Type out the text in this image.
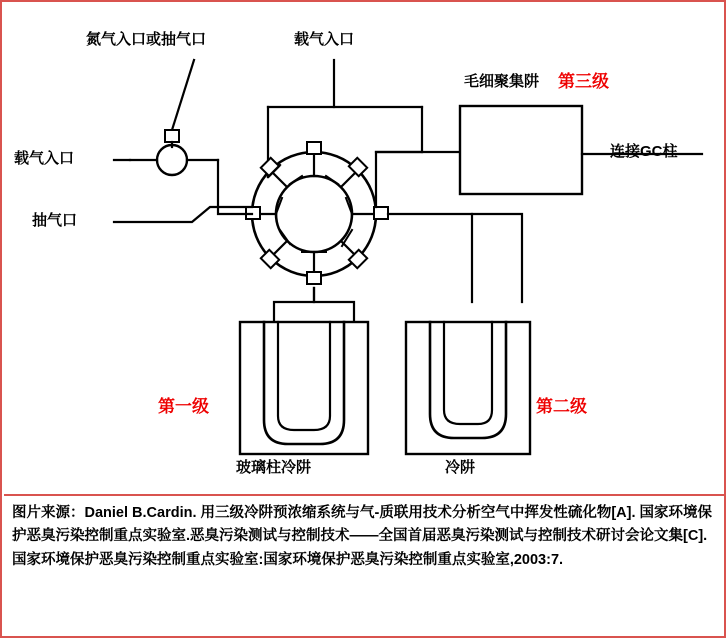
氮气入口或抽气口	载气入口
载气入口
抽气口
毛细聚集阱 第三级
连接GC柱
第一级	第二级
玻璃柱冷阱	冷阱
图片来源：Daniel B.Cardin. 用三级冷阱预浓缩系统与气-质联用技术分析空气中挥发性硫化物[A]. 国家环境保护恶臭污染控制重点实验室.恶臭污染测试与控制技术——全国首届恶臭污染测试与控制技术研讨会论文集[C].国家环境保护恶臭污染控制重点实验室:国家环境保护恶臭污染控制重点实验室,2003:7.
